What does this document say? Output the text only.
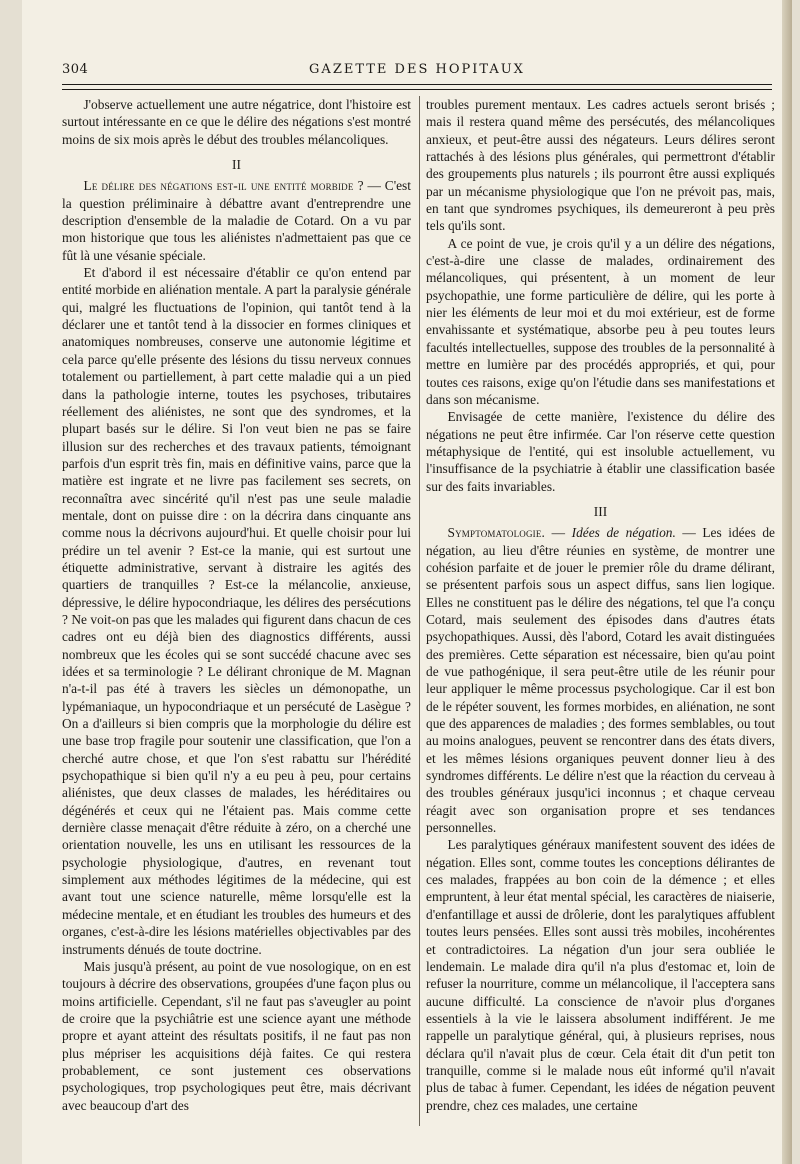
304	GAZETTE DES HOPITAUX

J'observe actuellement une autre négatrice, dont l'histoire est surtout intéressante en ce que le délire des négations s'est montré moins de six mois après le début des troubles mélancoliques.

II

Le délire des négations est-il une entité morbide ? — C'est la question préliminaire à débattre avant d'entreprendre une description d'ensemble de la maladie de Cotard. On a vu par mon historique que tous les aliénistes n'admettaient pas que ce fût là une vésanie spéciale.

Et d'abord il est nécessaire d'établir ce qu'on entend par entité morbide en aliénation mentale. A part la paralysie générale qui, malgré les fluctuations de l'opinion, qui tantôt tend à la déclarer une et tantôt tend à la dissocier en formes cliniques et anatomiques nombreuses, conserve une autonomie légitime et cela parce qu'elle présente des lésions du tissu nerveux connues totalement ou partiellement, à part cette maladie qui a un pied dans la pathologie interne, toutes les psychoses, tributaires réellement des aliénistes, ne sont que des syndromes, et la plupart basés sur le délire. Si l'on veut bien ne pas se faire illusion sur des recherches et des travaux patients, témoignant parfois d'un esprit très fin, mais en définitive vains, parce que la matière est ingrate et ne livre pas facilement ses secrets, on reconnaîtra avec sincérité qu'il n'est pas une seule maladie mentale, dont on puisse dire : on la décrira dans cinquante ans comme nous la décrivons aujourd'hui. Et quelle choisir pour lui prédire un tel avenir ? Est-ce la manie, qui est surtout une étiquette administrative, servant à distraire les agités des quartiers de tranquilles ? Est-ce la mélancolie, anxieuse, dépressive, le délire hypocondriaque, les délires des persécutions ? Ne voit-on pas que les malades qui figurent dans chacun de ces cadres ont eu déjà bien des diagnostics différents, aussi nombreux que les écoles qui se sont succédé chacune avec ses idées et sa terminologie ? Le délirant chronique de M. Magnan n'a-t-il pas été à travers les siècles un démonopathe, un lypémaniaque, un hypocondriaque et un persécuté de Lasègue ? On a d'ailleurs si bien compris que la morphologie du délire est une base trop fragile pour soutenir une classification, que l'on a cherché autre chose, et que l'on s'est rabattu sur l'hérédité psychopathique si bien qu'il n'y a eu peu à peu, pour certains aliénistes, que deux classes de malades, les héréditaires ou dégénérés et ceux qui ne l'étaient pas. Mais comme cette dernière classe menaçait d'être réduite à zéro, on a cherché une orientation nouvelle, les uns en utilisant les ressources de la psychologie physiologique, d'autres, en revenant tout simplement aux méthodes légitimes de la médecine, qui est avant tout une science naturelle, même lorsqu'elle est la médecine mentale, et en étudiant les troubles des humeurs et des organes, c'est-à-dire les lésions matérielles objectivables par des instruments dénués de toute doctrine.

Mais jusqu'à présent, au point de vue nosologique, on en est toujours à décrire des observations, groupées d'une façon plus ou moins artificielle. Cependant, s'il ne faut pas s'aveugler au point de croire que la psychiâtrie est une science ayant une méthode propre et ayant atteint des résultats positifs, il ne faut pas non plus mépriser les acquisitions déjà faites. Ce qui restera probablement, ce sont justement ces observations psychologiques, trop psychologiques peut être, mais décrivant avec beaucoup d'art des

troubles purement mentaux. Les cadres actuels seront brisés ; mais il restera quand même des persécutés, des mélancoliques anxieux, et peut-être aussi des négateurs. Leurs délires seront rattachés à des lésions plus générales, qui permettront d'établir des groupements plus naturels ; ils pourront être aussi expliqués par un mécanisme physiologique que l'on ne prévoit pas, mais, en tant que syndromes psychiques, ils demeureront à peu près tels qu'ils sont.

A ce point de vue, je crois qu'il y a un délire des négations, c'est-à-dire une classe de malades, ordinairement des mélancoliques, qui présentent, à un moment de leur psychopathie, une forme particulière de délire, qui les porte à nier les éléments de leur moi et du moi extérieur, est de forme envahissante et systématique, absorbe peu à peu toutes leurs facultés intellectuelles, suppose des troubles de la personnalité à mettre en lumière par des procédés appropriés, et qui, pour toutes ces raisons, exige qu'on l'étudie dans ses manifestations et dans son mécanisme.

Envisagée de cette manière, l'existence du délire des négations ne peut être infirmée. Car l'on réserve cette question métaphysique de l'entité, qui est insoluble actuellement, vu l'insuffisance de la psychiatrie à établir une classification basée sur des faits invariables.

III

Symptomatologie. — Idées de négation. — Les idées de négation, au lieu d'être réunies en système, de montrer une cohésion parfaite et de jouer le premier rôle du drame délirant, se présentent parfois sous un aspect diffus, sans lien logique. Elles ne constituent pas le délire des négations, tel que l'a conçu Cotard, mais seulement des épisodes dans d'autres états psychopathiques. Aussi, dès l'abord, Cotard les avait distinguées des premières. Cette séparation est nécessaire, bien qu'au point de vue pathogénique, il sera peut-être utile de les réunir pour leur appliquer le même processus psychologique. Car il est bon de le répéter souvent, les formes morbides, en aliénation, ne sont que des apparences de maladies ; des formes semblables, ou tout au moins analogues, peuvent se rencontrer dans des états divers, et les mêmes lésions organiques peuvent donner lieu à des syndromes différents. Le délire n'est que la réaction du cerveau à des troubles généraux jusqu'ici inconnus ; et chaque cerveau réagit avec son organisation propre et ses tendances personnelles.

Les paralytiques généraux manifestent souvent des idées de négation. Elles sont, comme toutes les conceptions délirantes de ces malades, frappées au bon coin de la démence ; et elles empruntent, à leur état mental spécial, les caractères de niaiserie, d'enfantillage et aussi de drôlerie, dont les paralytiques affublent toutes leurs pensées. Elles sont aussi très mobiles, incohérentes et contradictoires. La négation d'un jour sera oubliée le lendemain. Le malade dira qu'il n'a plus d'estomac et, loin de refuser la nourriture, comme un mélancolique, il l'acceptera sans aucune difficulté. La conscience de n'avoir plus d'organes essentiels à la vie le laissera absolument indifférent. Je me rappelle un paralytique général, qui, à plusieurs reprises, nous déclara qu'il n'avait plus de cœur. Cela était dit d'un petit ton tranquille, comme si le malade nous eût informé qu'il n'avait plus de tabac à fumer. Cependant, les idées de négation peuvent prendre, chez ces malades, une certaine
